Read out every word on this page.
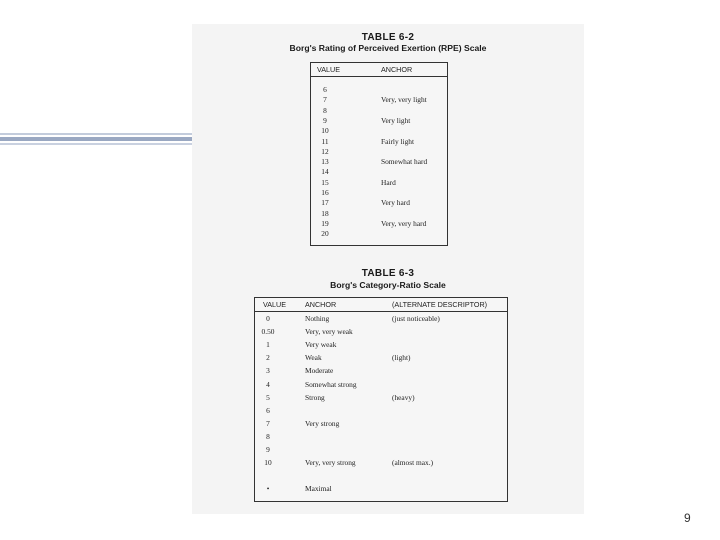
TABLE 6-2
Borg's Rating of Perceived Exertion (RPE) Scale
VALUE	ANCHOR
6
7	Very, very light
8
9	Very light
10
11	Fairly light
12
13	Somewhat hard
14
15	Hard
16
17	Very hard
18
19	Very, very hard
20
TABLE 6-3
Borg's Category-Ratio Scale
VALUE	ANCHOR	(ALTERNATE DESCRIPTOR)
0	Nothing	(just noticeable)
0.50	Very, very weak
1	Very weak
2	Weak	(light)
3	Moderate
4	Somewhat strong
5	Strong	(heavy)
6
7	Very strong
8
9
10	Very, very strong	(almost max.)
•	Maximal
9
